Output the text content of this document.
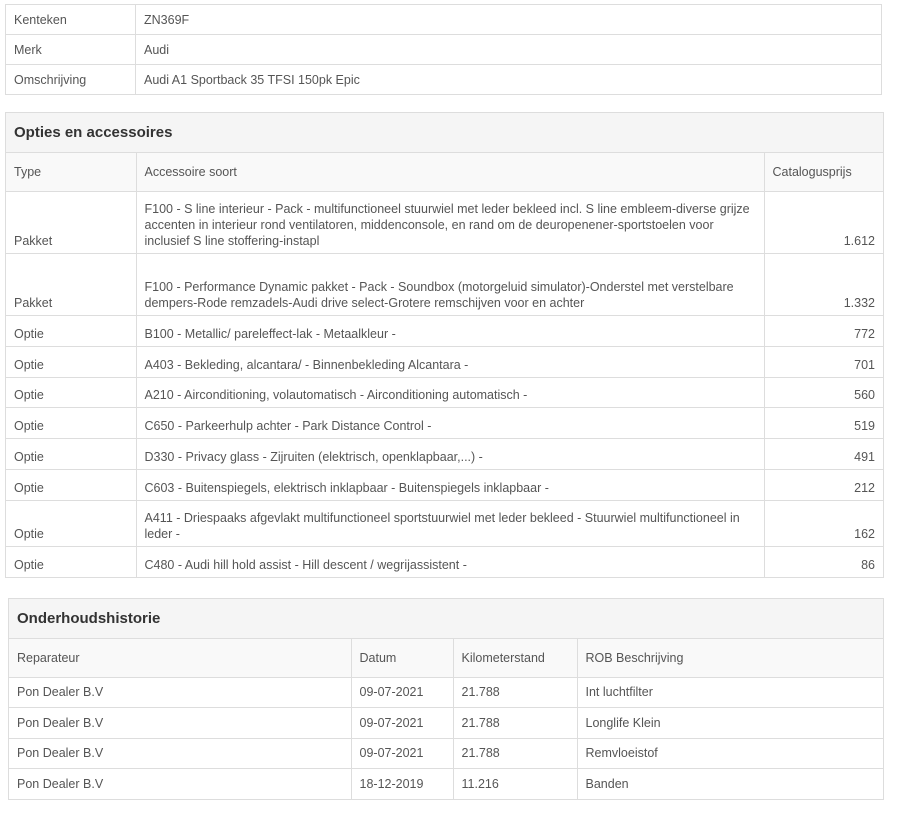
Kenteken	ZN369F
Merk	Audi
Omschrijving	Audi A1 Sportback 35 TFSI 150pk Epic
Opties en accessoires
Type	Accessoire soort	Catalogusprijs
Pakket	F100 - S line interieur - Pack - multifunctioneel stuurwiel met leder bekleed incl. S line embleem-diverse grijze accenten in interieur rond ventilatoren, middenconsole, en rand om de deuropenener-sportstoelen voor inclusief S line stoffering-instapl	1.612
Pakket	F100 - Performance Dynamic pakket - Pack - Soundbox (motorgeluid simulator)-Onderstel met verstelbare dempers-Rode remzadels-Audi drive select-Grotere remschijven voor en achter	1.332
Optie	B100 - Metallic/ pareleffect-lak - Metaalkleur -	772
Optie	A403 - Bekleding, alcantara/ - Binnenbekleding Alcantara -	701
Optie	A210 - Airconditioning, volautomatisch - Airconditioning automatisch -	560
Optie	C650 - Parkeerhulp achter - Park Distance Control -	519
Optie	D330 - Privacy glass - Zijruiten (elektrisch, openklapbaar,...) -	491
Optie	C603 - Buitenspiegels, elektrisch inklapbaar - Buitenspiegels inklapbaar -	212
Optie	A411 - Driespaaks afgevlakt multifunctioneel sportstuurwiel met leder bekleed - Stuurwiel multifunctioneel in leder -	162
Optie	C480 - Audi hill hold assist - Hill descent / wegrijassistent -	86
Onderhoudshistorie
Reparateur	Datum	Kilometerstand	ROB Beschrijving
Pon Dealer B.V	09-07-2021	21.788	Int luchtfilter
Pon Dealer B.V	09-07-2021	21.788	Longlife Klein
Pon Dealer B.V	09-07-2021	21.788	Remvloeistof
Pon Dealer B.V	18-12-2019	11.216	Banden
